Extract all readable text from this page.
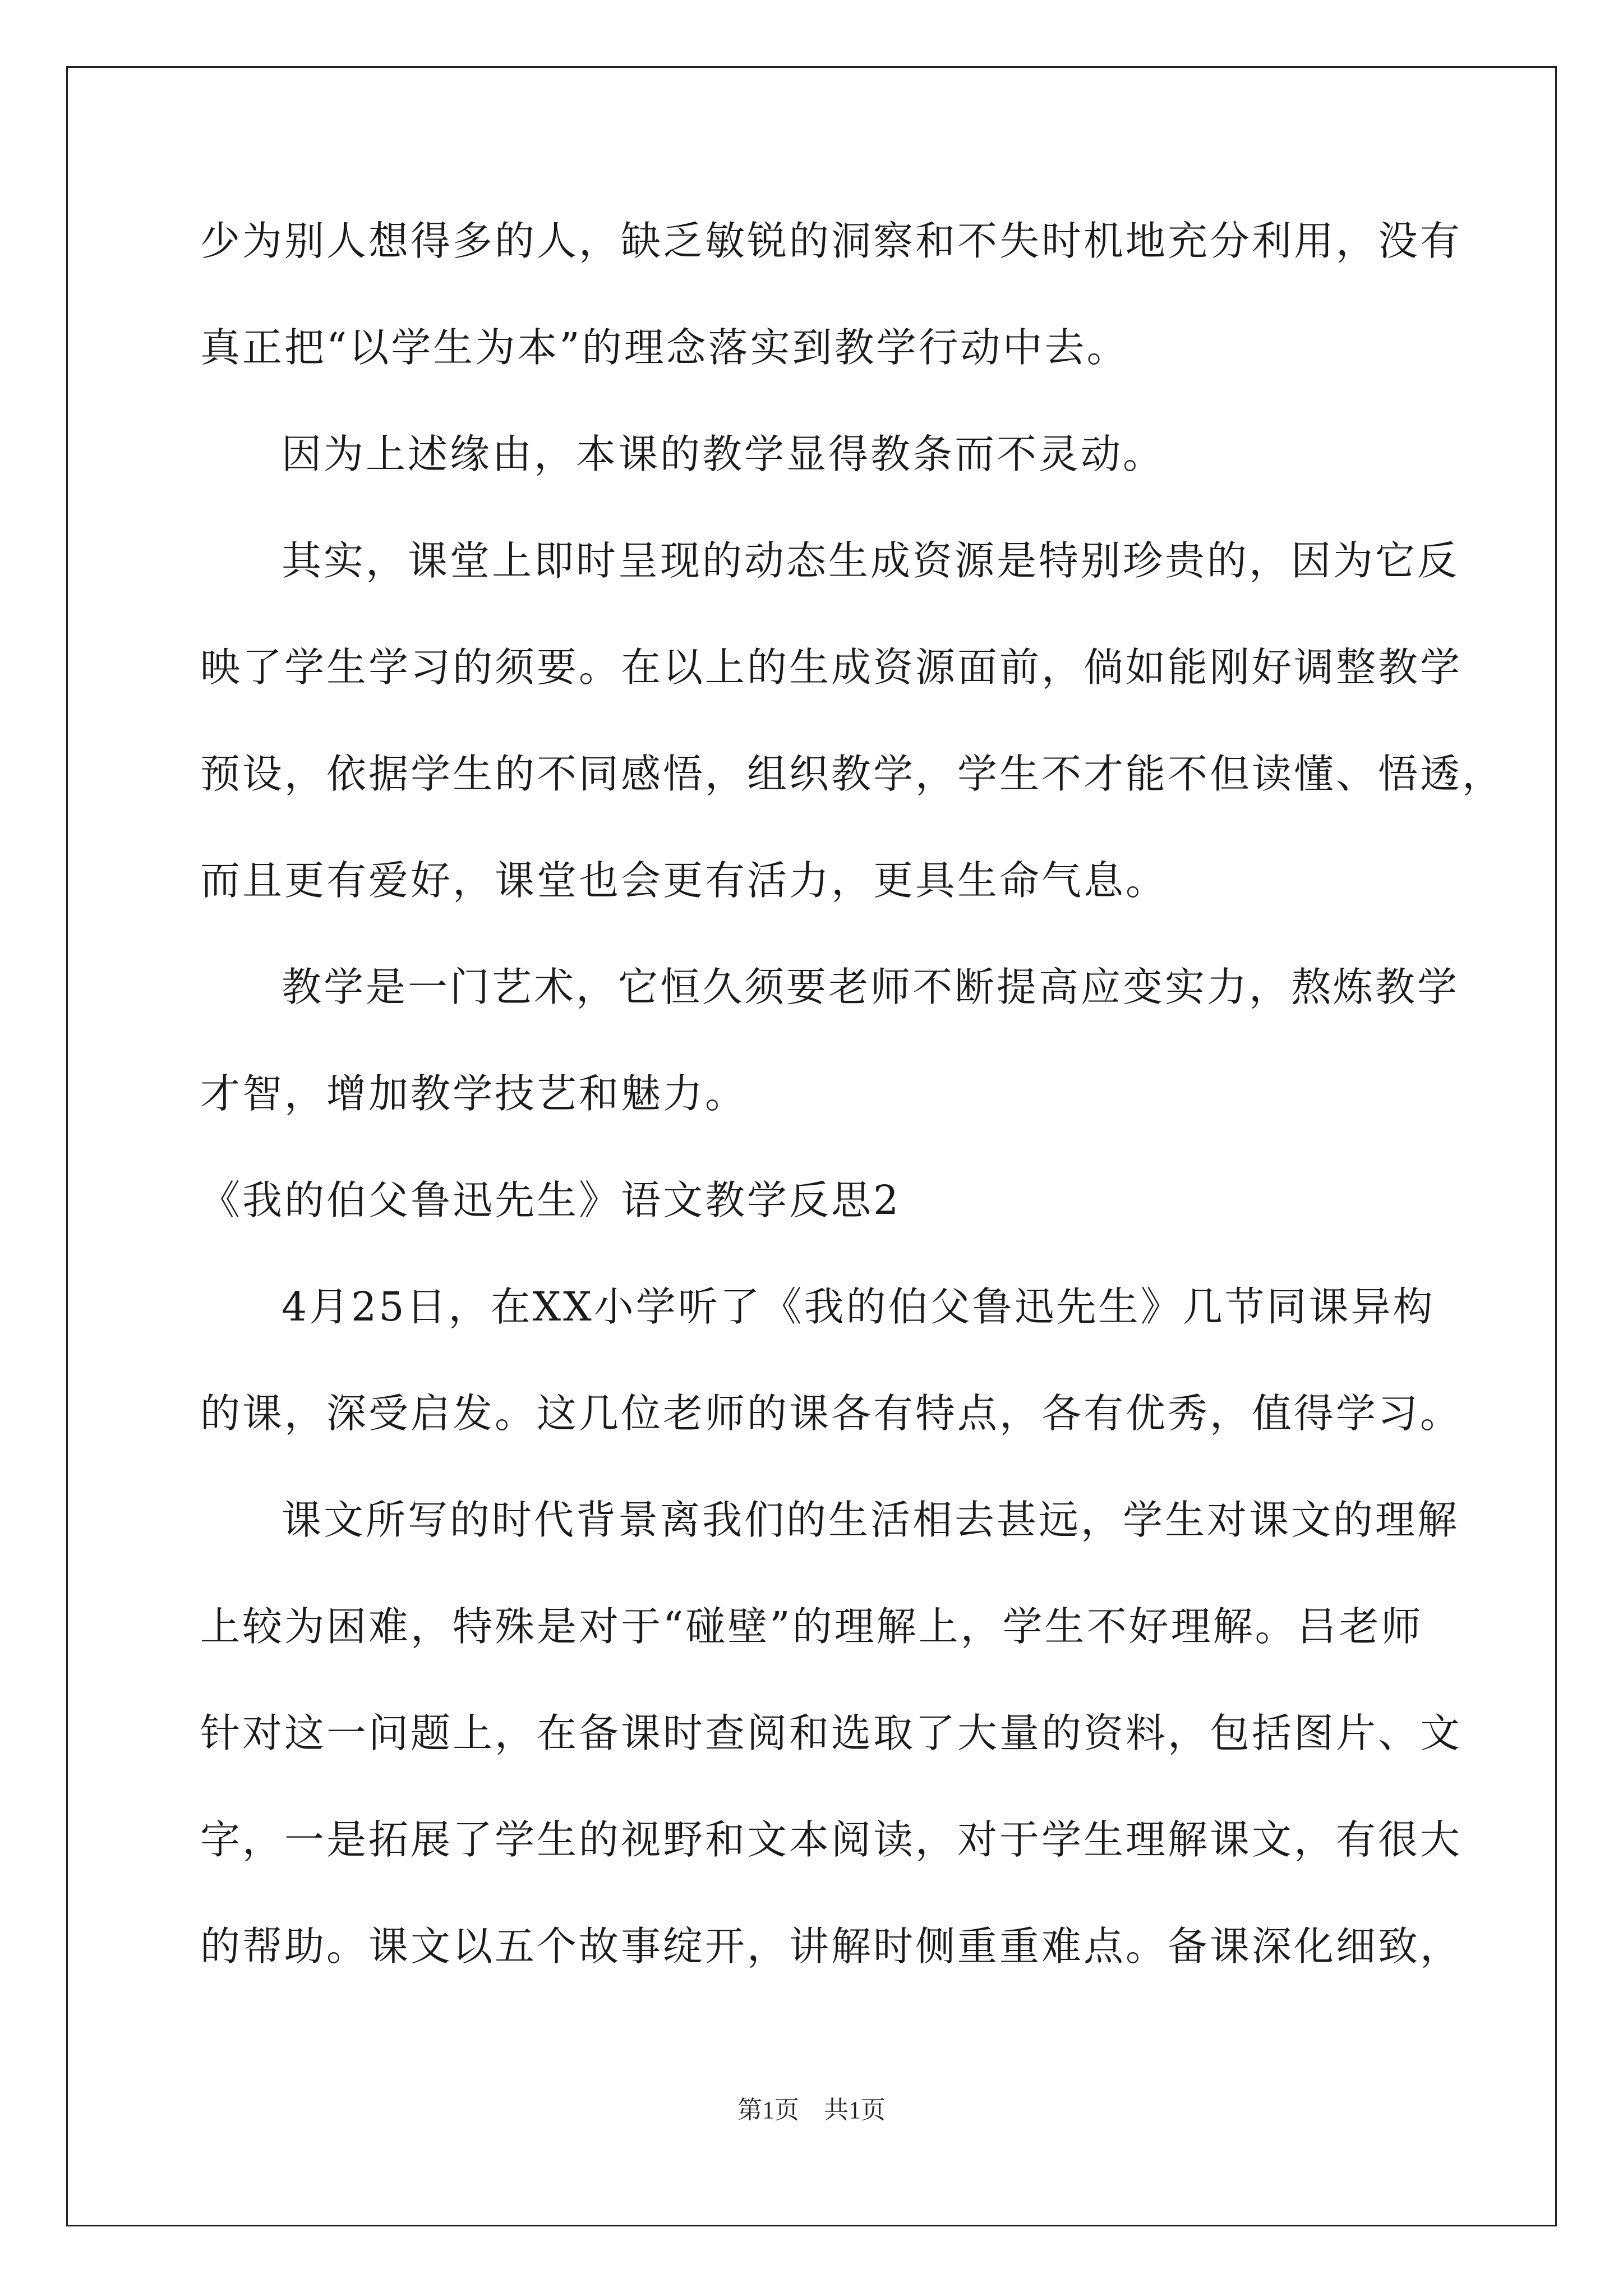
少为别人想得多的人，缺乏敏锐的洞察和不失时机地充分利用，没有
真正把“以学生为本”的理念落实到教学行动中去。
因为上述缘由，本课的教学显得教条而不灵动。
其实，课堂上即时呈现的动态生成资源是特别珍贵的，因为它反
映了学生学习的须要。在以上的生成资源面前，倘如能刚好调整教学
预设，依据学生的不同感悟，组织教学，学生不才能不但读懂、悟透，
而且更有爱好，课堂也会更有活力，更具生命气息。
教学是一门艺术，它恒久须要老师不断提高应变实力，熬炼教学
才智，增加教学技艺和魅力。
《我的伯父鲁迅先生》语文教学反思2
4月25日，在XX小学听了《我的伯父鲁迅先生》几节同课异构
的课，深受启发。这几位老师的课各有特点，各有优秀，值得学习。
课文所写的时代背景离我们的生活相去甚远，学生对课文的理解
上较为困难，特殊是对于“碰壁”的理解上，学生不好理解。吕老师
针对这一问题上，在备课时查阅和选取了大量的资料，包括图片、文
字，一是拓展了学生的视野和文本阅读，对于学生理解课文，有很大
的帮助。课文以五个故事绽开，讲解时侧重重难点。备课深化细致，
第1页　共1页
